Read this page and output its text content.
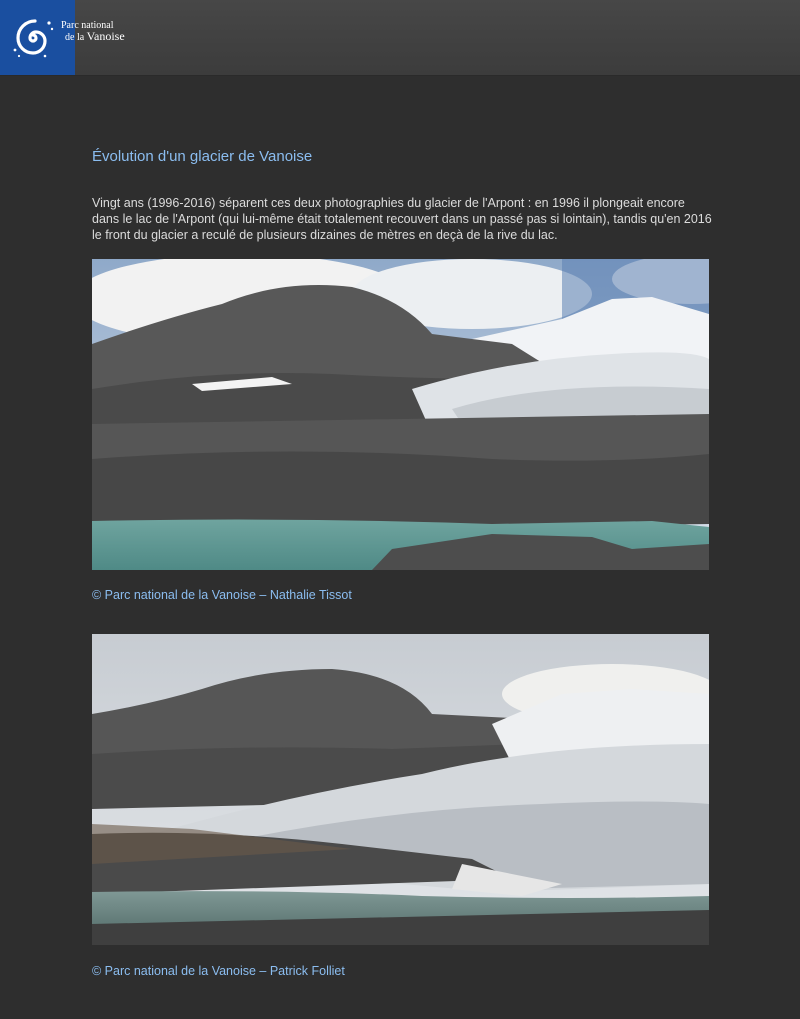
Parc national
de la Vanoise
Évolution d'un glacier de Vanoise

Vingt ans (1996-2016) séparent ces deux photographies du glacier de l'Arpont : en 1996 il plongeait encore dans le lac de l'Arpont (qui lui-même était totalement recouvert dans un passé pas si lointain), tandis qu'en 2016 le front du glacier a reculé de plusieurs dizaines de mètres en deçà de la rive du lac.

© Parc national de la Vanoise – Nathalie Tissot

© Parc national de la Vanoise – Patrick Folliet
